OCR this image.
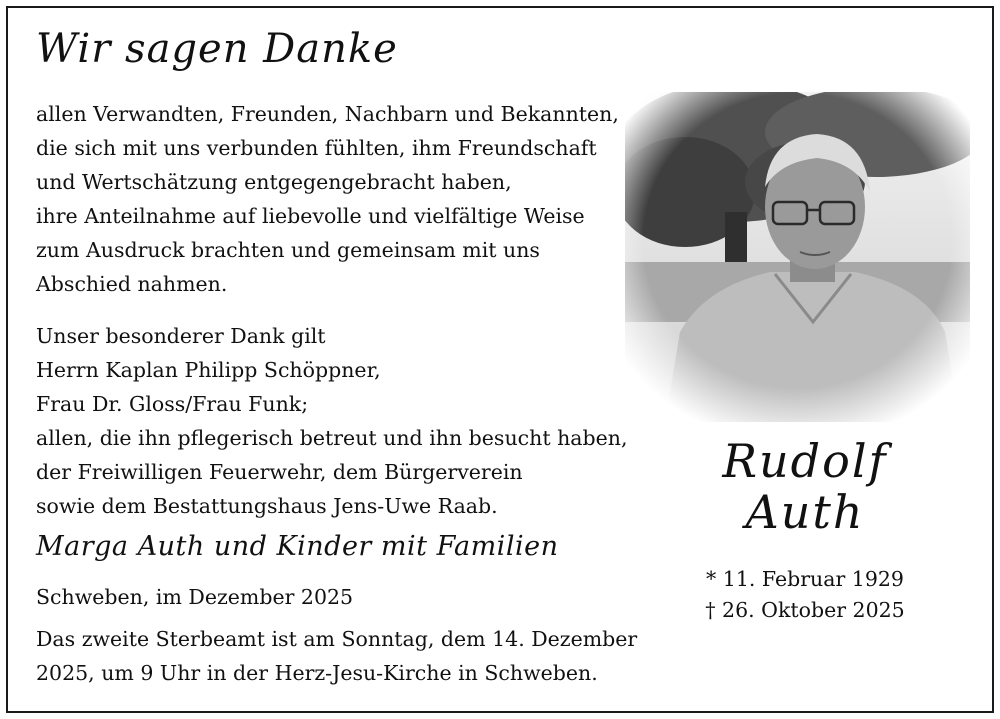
Wir sagen Danke
allen Verwandten, Freunden, Nachbarn und Bekannten,
die sich mit uns verbunden fühlten, ihm Freundschaft
und Wertschätzung entgegengebracht haben,
ihre Anteilnahme auf liebevolle und vielfältige Weise
zum Ausdruck brachten und gemeinsam mit uns
Abschied nahmen.
Unser besonderer Dank gilt
Herrn Kaplan Philipp Schöppner,
Frau Dr. Gloss/Frau Funk;
allen, die ihn pflegerisch betreut und ihn besucht haben,
der Freiwilligen Feuerwehr, dem Bürgerverein
sowie dem Bestattungshaus Jens-Uwe Raab.
Marga Auth und Kinder mit Familien
Schweben, im Dezember 2025
Das zweite Sterbeamt ist am Sonntag, dem 14. Dezember
2025, um 9 Uhr in der Herz-Jesu-Kirche in Schweben.
Rudolf
Auth
* 11. Februar 1929
† 26. Oktober 2025
